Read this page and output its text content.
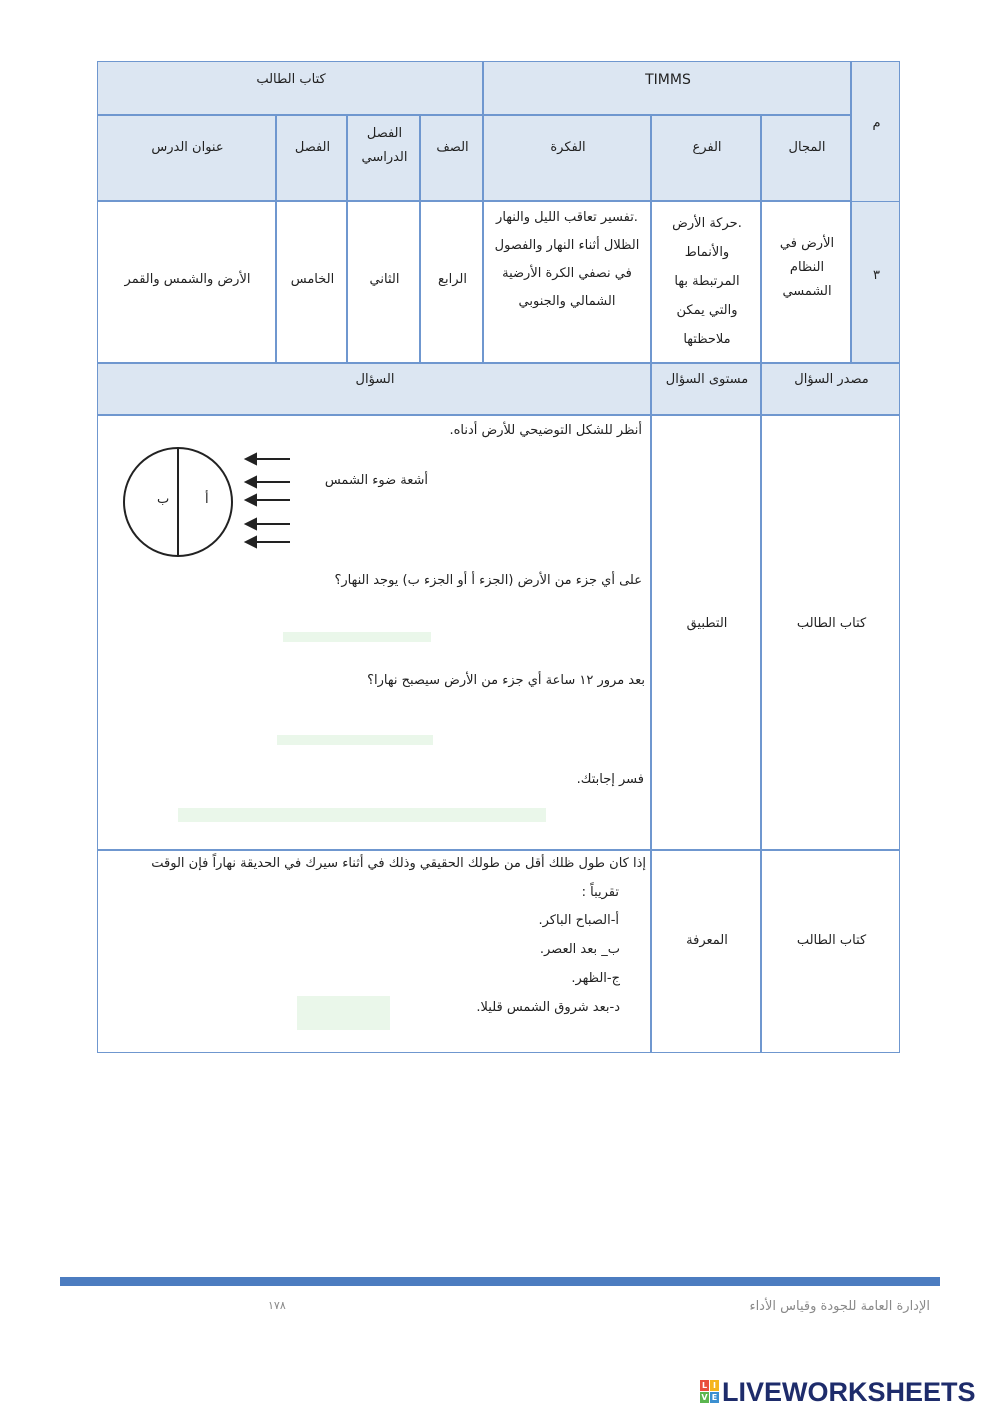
م
TIMMS
كتاب الطالب
المجال
الفرع
الفكرة
الصف
الفصل
الدراسي
الفصل
عنوان الدرس
٣
الأرض في
النظام
الشمسي
.حركة الأرض
والأنماط
المرتبطة بها
والتي يمكن
ملاحظتها
.تفسير تعاقب الليل والنهار
الظلال أثناء النهار والفصول
في نصفي الكرة الأرضية
الشمالي والجنوبي
الرابع
الثاني
الخامس
الأرض والشمس والقمر
مصدر السؤال
مستوى السؤال
السؤال
كتاب الطالب
التطبيق
كتاب الطالب
المعرفة
أنظر للشكل التوضيحي للأرض أدناه.
أ
ب
أشعة ضوء الشمس
على أي جزء من الأرض (الجزء أ أو الجزء ب) يوجد النهار؟
بعد مرور ١٢ ساعة أي جزء من الأرض سيصبح نهارا؟
فسر إجابتك.
إذا كان طول ظلك أقل من طولك الحقيقي وذلك في أثناء سيرك في الحديقة نهاراً فإن الوقت
تقريباً :
أ-الصباح الباكر.
ب_ بعد العصر.
ج-الظهر.
د-بعد شروق الشمس قليلا.
١٧٨	الإدارة العامة للجودة وقياس الأداء
L I
V E LIVEWORKSHEETS
